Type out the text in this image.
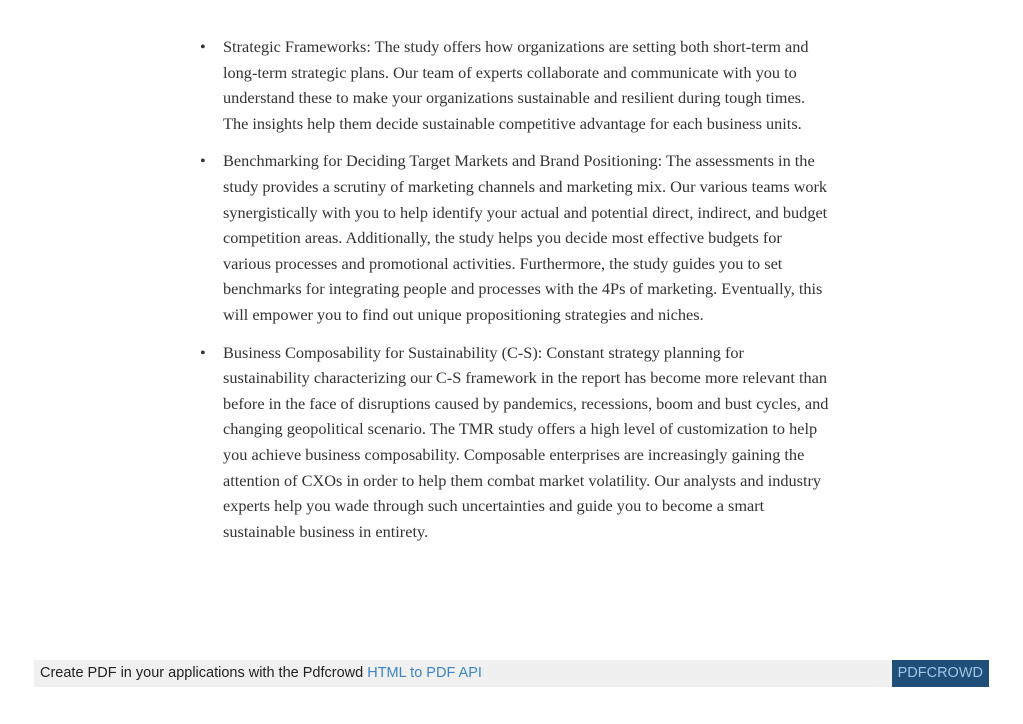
• Strategic Frameworks: The study offers how organizations are setting both short-term and long-term strategic plans. Our team of experts collaborate and communicate with you to understand these to make your organizations sustainable and resilient during tough times. The insights help them decide sustainable competitive advantage for each business units.
• Benchmarking for Deciding Target Markets and Brand Positioning: The assessments in the study provides a scrutiny of marketing channels and marketing mix. Our various teams work synergistically with you to help identify your actual and potential direct, indirect, and budget competition areas. Additionally, the study helps you decide most effective budgets for various processes and promotional activities. Furthermore, the study guides you to set benchmarks for integrating people and processes with the 4Ps of marketing. Eventually, this will empower you to find out unique propositioning strategies and niches.
• Business Composability for Sustainability (C-S): Constant strategy planning for sustainability characterizing our C-S framework in the report has become more relevant than before in the face of disruptions caused by pandemics, recessions, boom and bust cycles, and changing geopolitical scenario. The TMR study offers a high level of customization to help you achieve business composability. Composable enterprises are increasingly gaining the attention of CXOs in order to help them combat market volatility. Our analysts and industry experts help you wade through such uncertainties and guide you to become a smart sustainable business in entirety.
Create PDF in your applications with the Pdfcrowd HTML to PDF API	PDFCROWD
